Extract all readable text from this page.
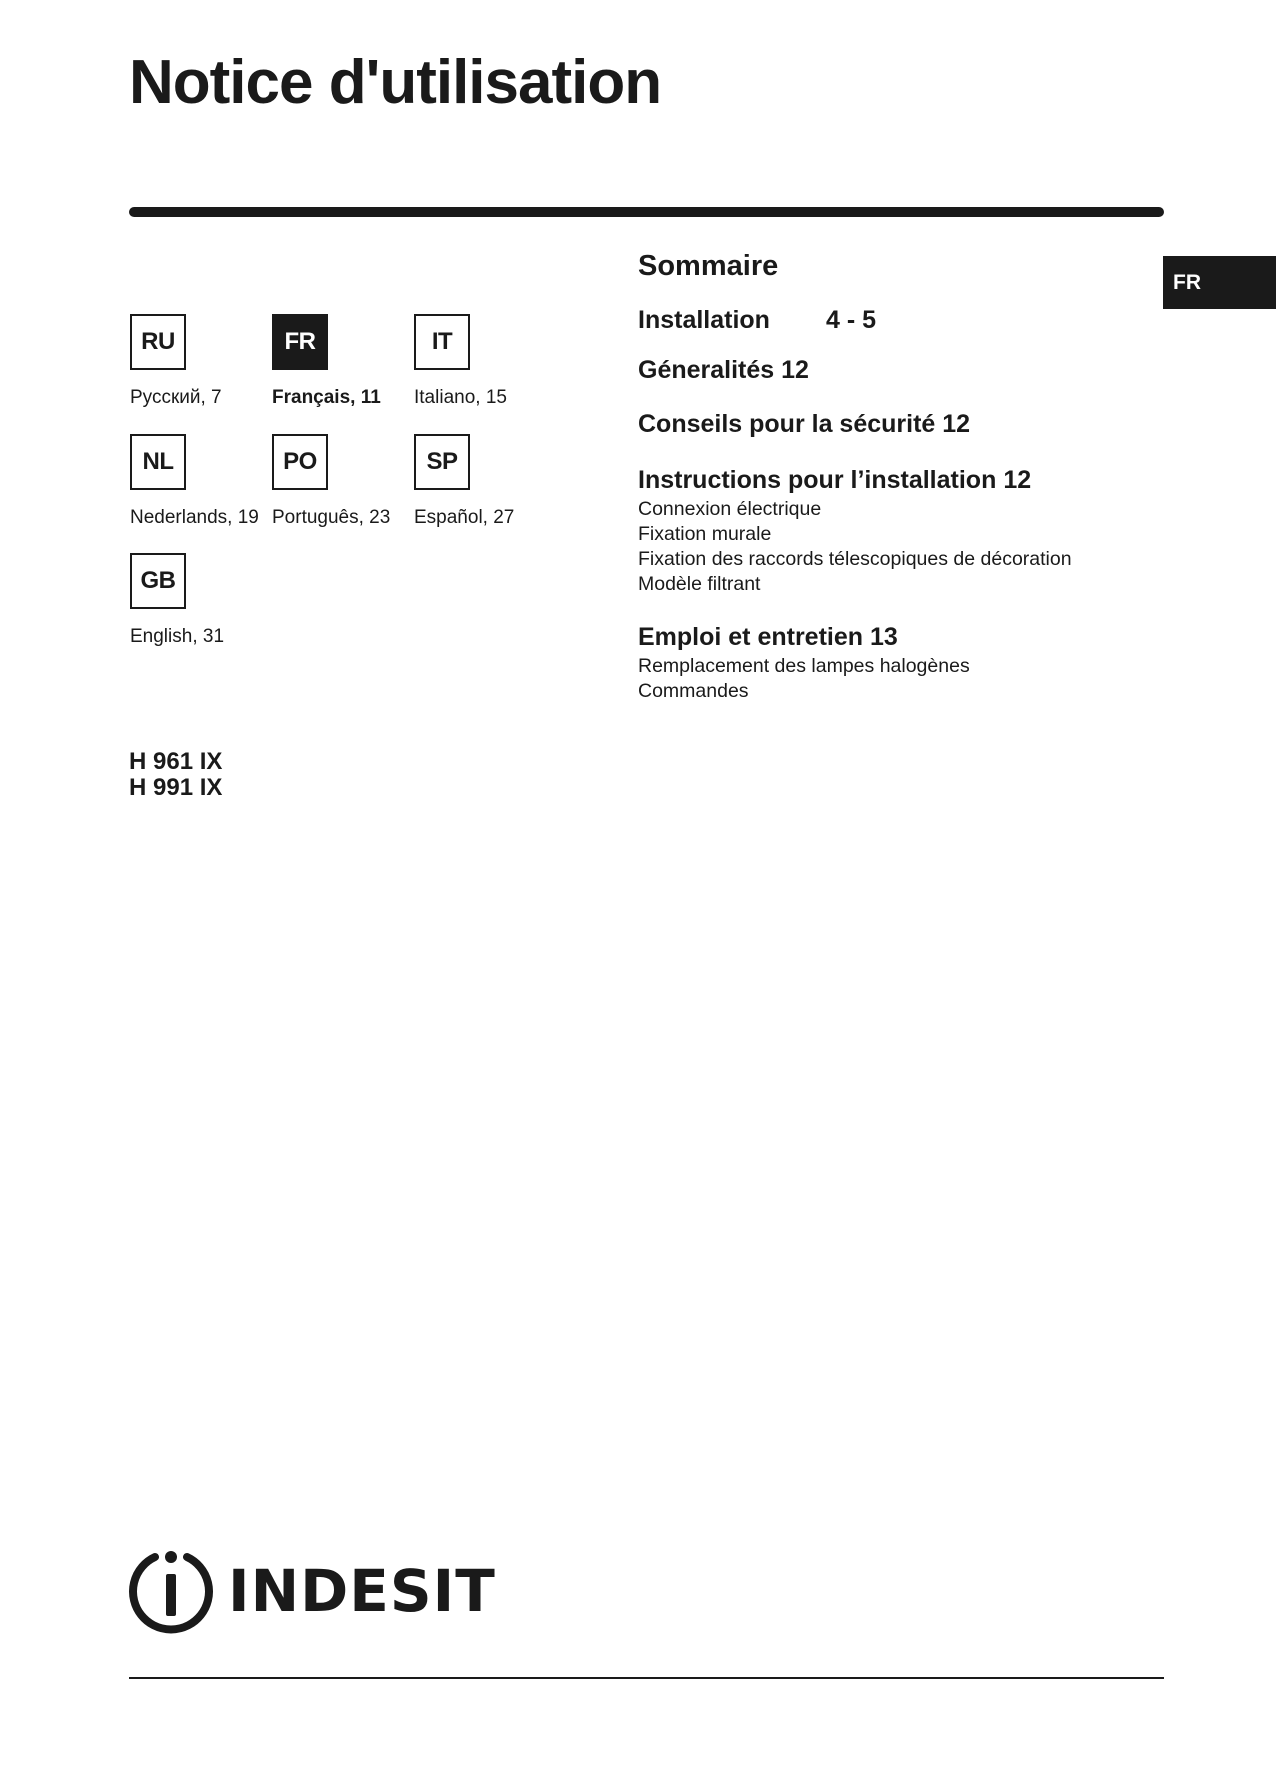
Notice d'utilisation
FR
RU
Русский, 7
FR
Français, 11
IT
Italiano, 15
NL
Nederlands, 19
PO
Português, 23
SP
Español, 27
GB
English, 31
H 961 IX
H 991 IX
Sommaire
Installation 4 - 5
Géneralités 12
Conseils pour la sécurité 12
Instructions pour l’installation 12
Connexion électrique
Fixation murale
Fixation des raccords télescopiques de décoration
Modèle filtrant
Emploi et entretien 13
Remplacement des lampes halogènes
Commandes
INDESIT
